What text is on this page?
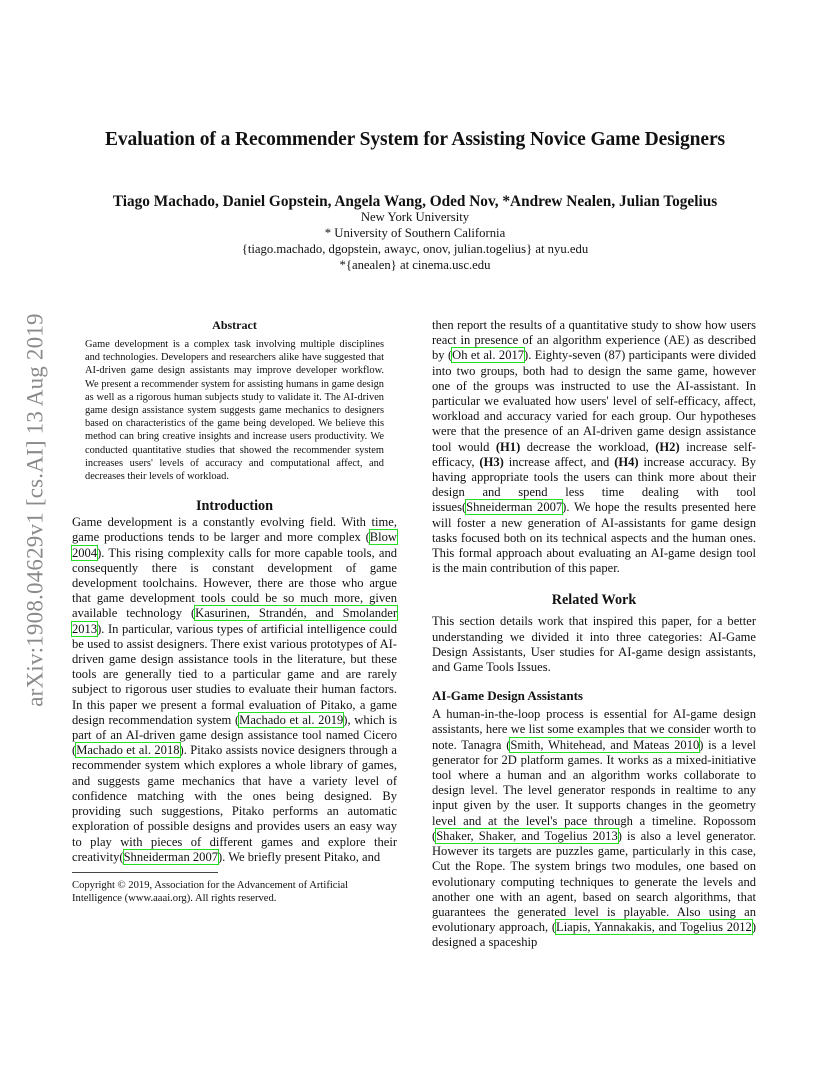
arXiv:1908.04629v1 [cs.AI] 13 Aug 2019
Evaluation of a Recommender System for Assisting Novice Game Designers

Tiago Machado, Daniel Gopstein, Angela Wang, Oded Nov, *Andrew Nealen, Julian Togelius

New York University

* University of Southern California

{tiago.machado, dgopstein, awayc, onov, julian.togelius} at nyu.edu

*{anealen} at cinema.usc.edu

Abstract

Game development is a complex task involving multiple disciplines and technologies. Developers and researchers alike have suggested that AI-driven game design assistants may improve developer workflow. We present a recommender system for assisting humans in game design as well as a rigorous human subjects study to validate it. The AI-driven game design assistance system suggests game mechanics to designers based on characteristics of the game being developed. We believe this method can bring creative insights and increase users productivity. We conducted quantitative studies that showed the recommender system increases users' levels of accuracy and computational affect, and decreases their levels of workload.

Introduction

Game development is a constantly evolving field. With time, game productions tends to be larger and more complex (Blow 2004). This rising complexity calls for more capable tools, and consequently there is constant development of game development toolchains. However, there are those who argue that game development tools could be so much more, given available technology (Kasurinen, Strandén, and Smolander 2013). In particular, various types of artificial intelligence could be used to assist designers. There exist various prototypes of AI-driven game design assistance tools in the literature, but these tools are generally tied to a particular game and are rarely subject to rigorous user studies to evaluate their human factors. In this paper we present a formal evaluation of Pitako, a game design recommendation system (Machado et al. 2019), which is part of an AI-driven game design assistance tool named Cicero (Machado et al. 2018). Pitako assists novice designers through a recommender system which explores a whole library of games, and suggests game mechanics that have a variety level of confidence matching with the ones being designed. By providing such suggestions, Pitako performs an automatic exploration of possible designs and provides users an easy way to play with pieces of different games and explore their creativity(Shneiderman 2007). We briefly present Pitako, and

Copyright © 2019, Association for the Advancement of Artificial Intelligence (www.aaai.org). All rights reserved.

then report the results of a quantitative study to show how users react in presence of an algorithm experience (AE) as described by (Oh et al. 2017). Eighty-seven (87) participants were divided into two groups, both had to design the same game, however one of the groups was instructed to use the AI-assistant. In particular we evaluated how users' level of self-efficacy, affect, workload and accuracy varied for each group. Our hypotheses were that the presence of an AI-driven game design assistance tool would (H1) decrease the workload, (H2) increase self-efficacy, (H3) increase affect, and (H4) increase accuracy. By having appropriate tools the users can think more about their design and spend less time dealing with tool issues(Shneiderman 2007). We hope the results presented here will foster a new generation of AI-assistants for game design tasks focused both on its technical aspects and the human ones. This formal approach about evaluating an AI-game design tool is the main contribution of this paper.

Related Work

This section details work that inspired this paper, for a better understanding we divided it into three categories: AI-Game Design Assistants, User studies for AI-game design assistants, and Game Tools Issues.

AI-Game Design Assistants

A human-in-the-loop process is essential for AI-game design assistants, here we list some examples that we consider worth to note. Tanagra (Smith, Whitehead, and Mateas 2010) is a level generator for 2D platform games. It works as a mixed-initiative tool where a human and an algorithm works collaborate to design level. The level generator responds in realtime to any input given by the user. It supports changes in the geometry level and at the level's pace through a timeline. Ropossom (Shaker, Shaker, and Togelius 2013) is also a level generator. However its targets are puzzles game, particularly in this case, Cut the Rope. The system brings two modules, one based on evolutionary computing techniques to generate the levels and another one with an agent, based on search algorithms, that guarantees the generated level is playable. Also using an evolutionary approach, (Liapis, Yannakakis, and Togelius 2012) designed a spaceship
